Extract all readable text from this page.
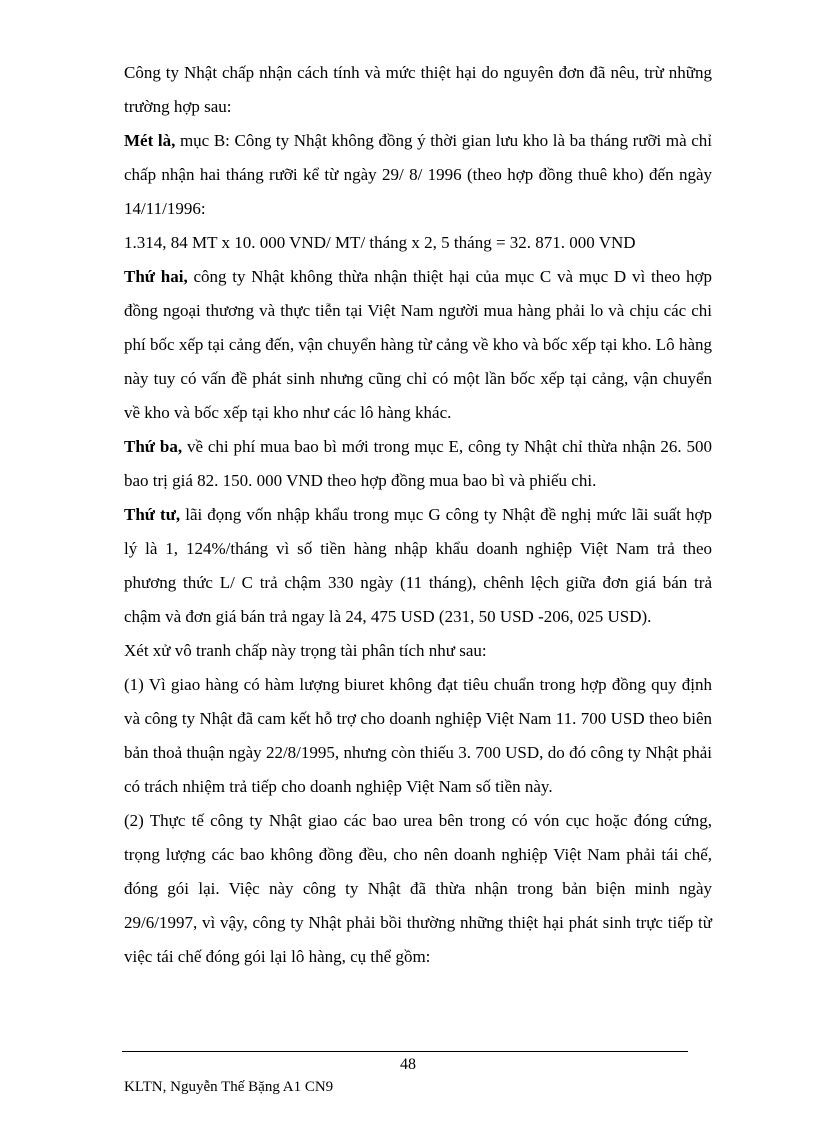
Công ty Nhật chấp nhận cách tính và mức thiệt hại do nguyên đơn đã nêu, trừ những trường hợp sau:

Mét là, mục B: Công ty Nhật không đồng ý thời gian lưu kho là ba tháng rưỡi mà chỉ chấp nhận hai tháng rưỡi kể từ ngày 29/ 8/ 1996 (theo hợp đồng thuê kho) đến ngày 14/11/1996:

1.314, 84 MT x 10. 000 VND/ MT/ tháng x 2, 5 tháng = 32. 871. 000 VND

Thứ hai, công ty Nhật không thừa nhận thiệt hại của mục C và mục D vì theo hợp đồng ngoại thương và thực tiễn tại Việt Nam người mua hàng phải lo và chịu các chi phí bốc xếp tại cảng đến, vận chuyển hàng từ cảng về kho và bốc xếp tại kho. Lô hàng này tuy có vấn đề phát sinh nhưng cũng chỉ có một lần bốc xếp tại cảng, vận chuyển về kho và bốc xếp tại kho như các lô hàng khác.

Thứ ba, về chi phí mua bao bì mới trong mục E, công ty Nhật chỉ thừa nhận 26. 500 bao trị giá 82. 150. 000 VND theo hợp đồng mua bao bì và phiếu chi.

Thứ tư, lãi đọng vốn nhập khẩu trong mục G công ty Nhật đề nghị mức lãi suất hợp lý là 1, 124%/tháng vì số tiền hàng nhập khẩu doanh nghiệp Việt Nam trả theo phương thức L/ C trả chậm 330 ngày (11 tháng), chênh lệch giữa đơn giá bán trả chậm và đơn giá bán trả ngay là 24, 475 USD (231, 50 USD -206, 025 USD).

Xét xử vô tranh chấp này trọng tài phân tích như sau:

(1) Vì giao hàng có hàm lượng biuret không đạt tiêu chuẩn trong hợp đồng quy định và công ty Nhật đã cam kết hỗ trợ cho doanh nghiệp Việt Nam 11. 700 USD theo biên bản thoả thuận ngày 22/8/1995, nhưng còn thiếu 3. 700 USD, do đó công ty Nhật phải có trách nhiệm trả tiếp cho doanh nghiệp Việt Nam số tiền này.

(2) Thực tế công ty Nhật giao các bao urea bên trong có vón cục hoặc đóng cứng, trọng lượng các bao không đồng đều, cho nên doanh nghiệp Việt Nam phải tái chế, đóng gói lại. Việc này công ty Nhật đã thừa nhận trong bản biện minh ngày 29/6/1997, vì vậy, công ty Nhật phải bồi thường những thiệt hại phát sinh trực tiếp từ việc tái chế đóng gói lại lô hàng, cụ thể gồm:

48
KLTN, Nguyễn Thế Bặng A1 CN9
